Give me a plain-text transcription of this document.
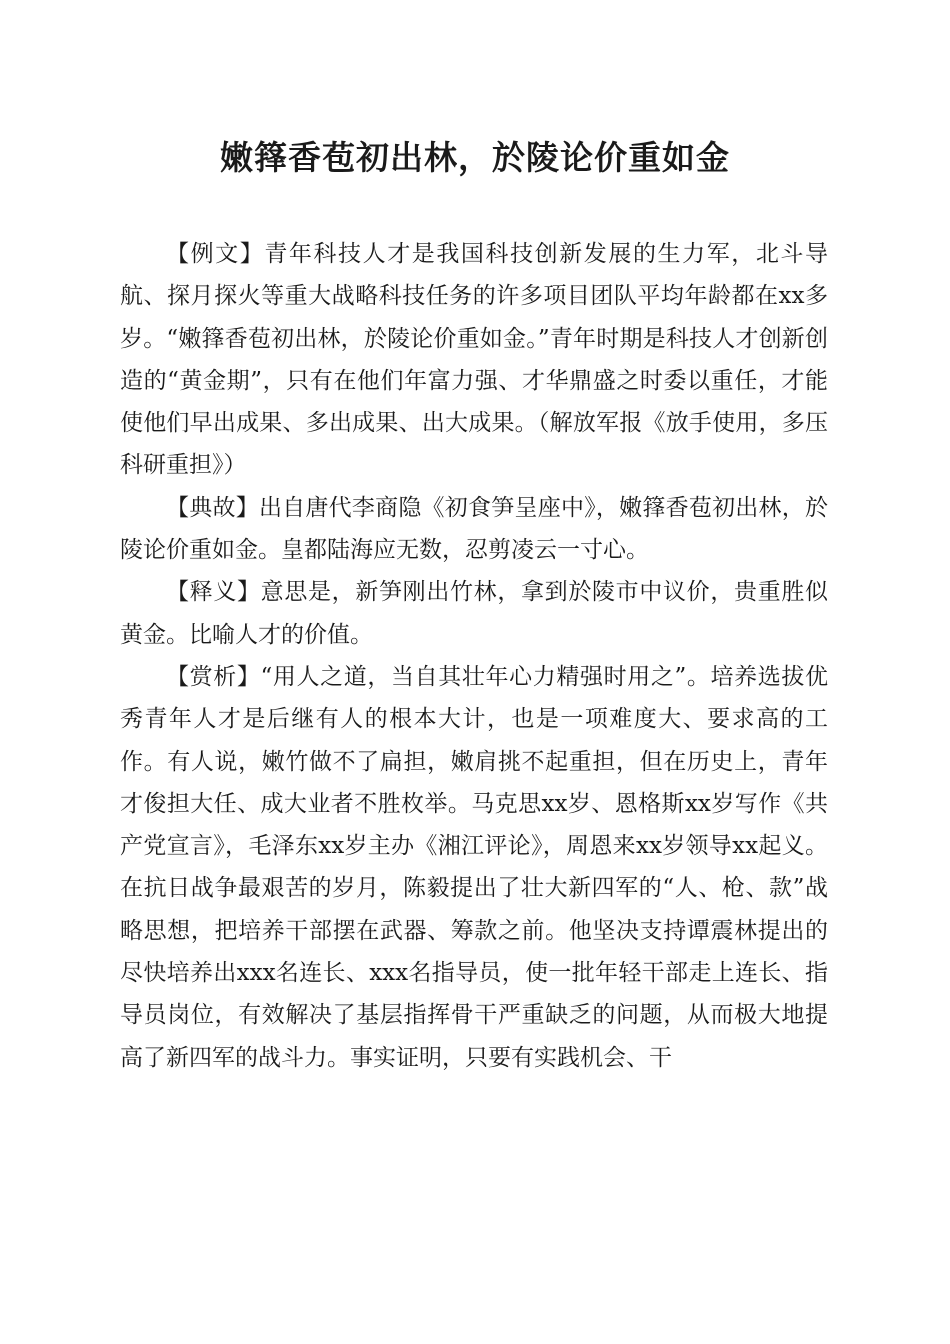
嫩箨香苞初出林，於陵论价重如金

【例文】青年科技人才是我国科技创新发展的生力军，北斗导航、探月探火等重大战略科技任务的许多项目团队平均年龄都在xx多岁。“嫩箨香苞初出林，於陵论价重如金。”青年时期是科技人才创新创造的“黄金期”，只有在他们年富力强、才华鼎盛之时委以重任，才能使他们早出成果、多出成果、出大成果。（解放军报《放手使用，多压科研重担》）

【典故】出自唐代李商隐《初食笋呈座中》，嫩箨香苞初出林，於陵论价重如金。皇都陆海应无数，忍剪凌云一寸心。

【释义】意思是，新笋刚出竹林，拿到於陵市中议价，贵重胜似黄金。比喻人才的价值。

【赏析】“用人之道，当自其壮年心力精强时用之”。培养选拔优秀青年人才是后继有人的根本大计，也是一项难度大、要求高的工作。有人说，嫩竹做不了扁担，嫩肩挑不起重担，但在历史上，青年才俊担大任、成大业者不胜枚举。马克思xx岁、恩格斯xx岁写作《共产党宣言》，毛泽东xx岁主办《湘江评论》，周恩来xx岁领导xx起义。在抗日战争最艰苦的岁月，陈毅提出了壮大新四军的“人、枪、款”战略思想，把培养干部摆在武器、筹款之前。他坚决支持谭震林提出的尽快培养出xxx名连长、xxx名指导员，使一批年轻干部走上连长、指导员岗位，有效解决了基层指挥骨干严重缺乏的问题，从而极大地提高了新四军的战斗力。事实证明，只要有实践机会、干
